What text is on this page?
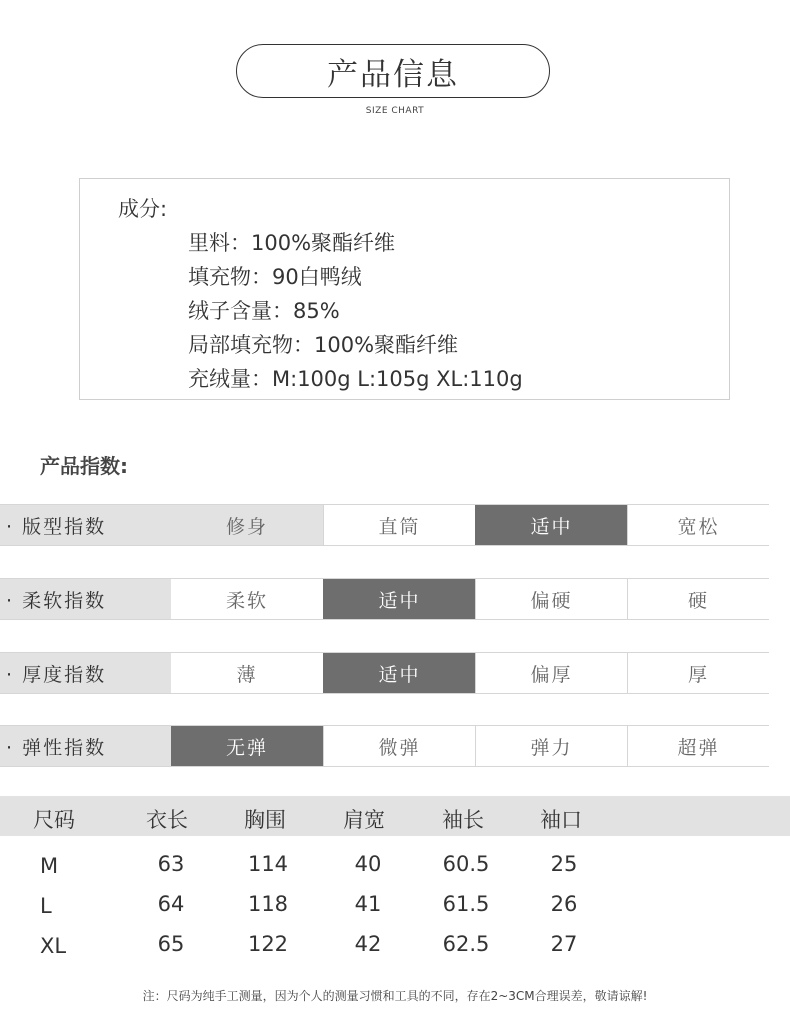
产品信息
SIZE CHART
成分:
里料：100%聚酯纤维
填充物：90白鸭绒
绒子含量：85%
局部填充物：100%聚酯纤维
充绒量：M:100g L:105g XL:110g
产品指数:
· 版型指数	修身	直筒	适中	宽松
· 柔软指数	柔软	适中	偏硬	硬
· 厚度指数	薄	适中	偏厚	厚
· 弹性指数	无弹	微弹	弹力	超弹
尺码	衣长	胸围	肩宽	袖长	袖口
M	63	114	40	60.5	25
L	64	118	41	61.5	26
XL	65	122	42	62.5	27
注：尺码为纯手工测量，因为个人的测量习惯和工具的不同，存在2~3CM合理误差，敬请谅解!
